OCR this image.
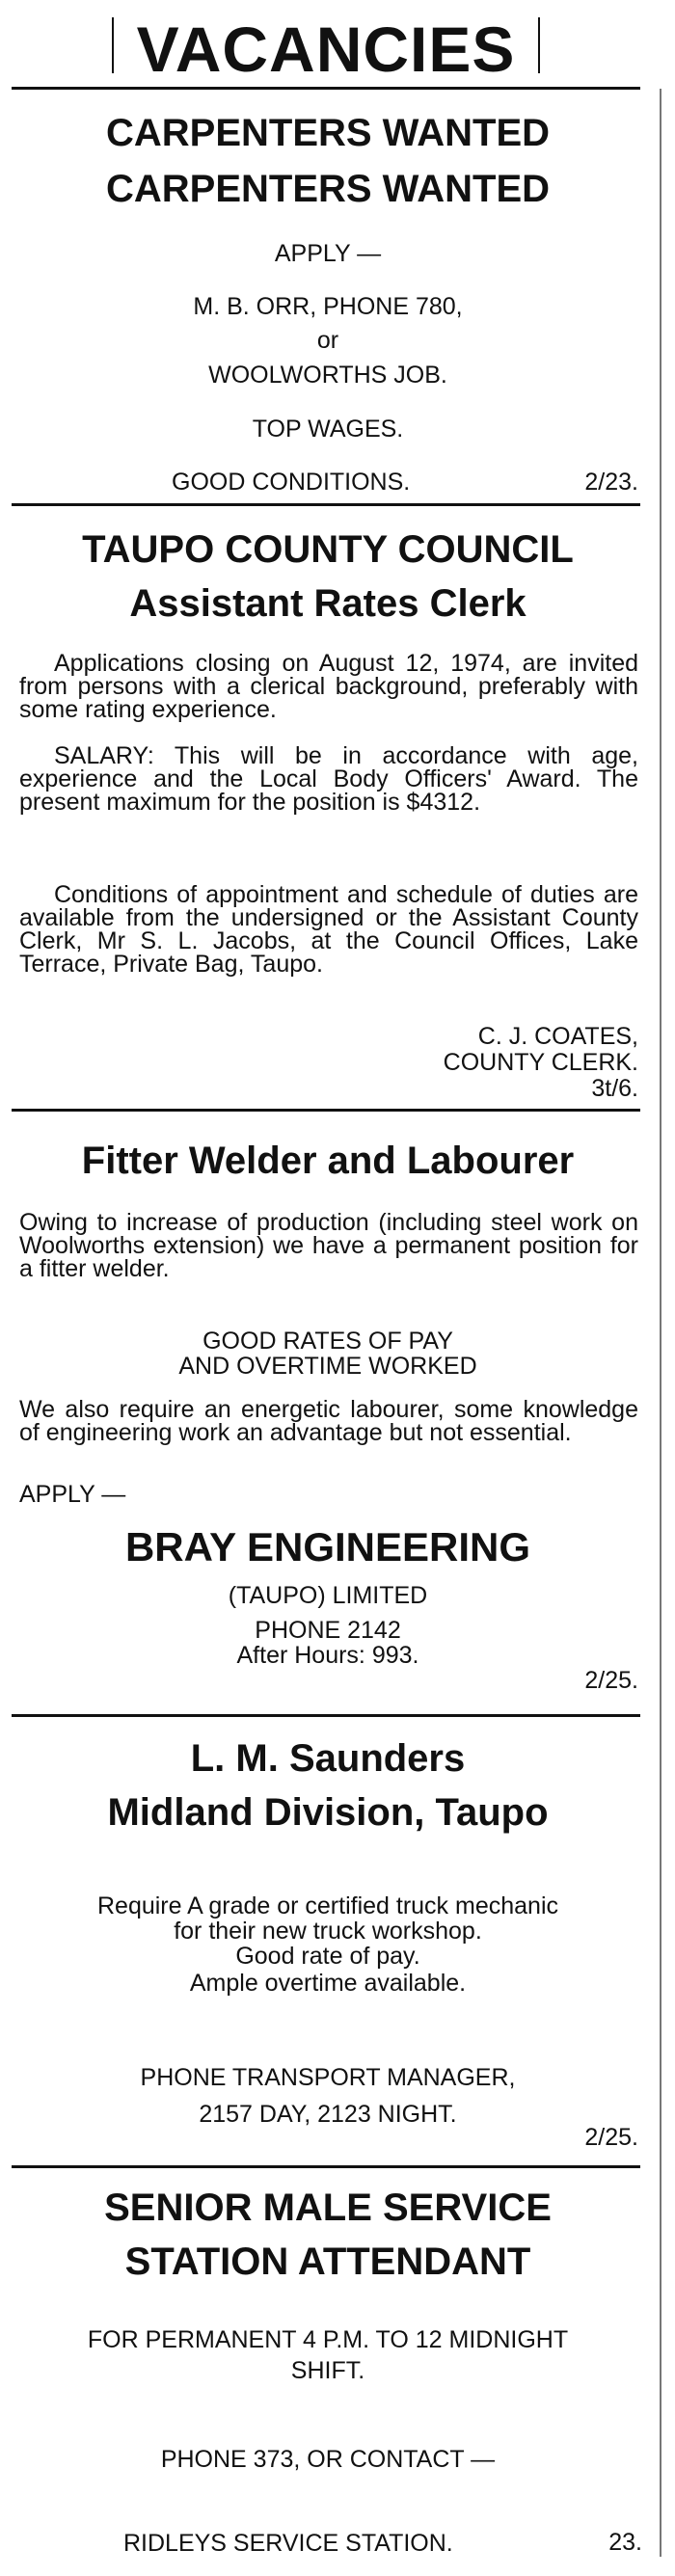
VACANCIES
CARPENTERS WANTED
CARPENTERS WANTED
APPLY —
M. B. ORR, PHONE 780,
or
WOOLWORTHS JOB.
TOP WAGES.
GOOD CONDITIONS.	2/23.
TAUPO COUNTY COUNCIL
Assistant Rates Clerk
Applications closing on August 12, 1974, are invited from persons with a clerical background, preferably with some rating experience.
SALARY: This will be in accordance with age, experience and the Local Body Officers' Award. The present maximum for the position is $4312.
Conditions of appointment and schedule of duties are available from the undersigned or the Assistant County Clerk, Mr S. L. Jacobs, at the Council Offices, Lake Terrace, Private Bag, Taupo.
C. J. COATES,
COUNTY CLERK.
3t/6.
Fitter Welder and Labourer
Owing to increase of production (including steel work on Woolworths extension) we have a permanent position for a fitter welder.
GOOD RATES OF PAY
AND OVERTIME WORKED
We also require an energetic labourer, some knowledge of engineering work an advantage but not essential.
APPLY —
BRAY ENGINEERING
(TAUPO) LIMITED
PHONE 2142
After Hours: 993.
2/25.
L. M. Saunders
Midland Division, Taupo
Require A grade or certified truck mechanic
for their new truck workshop.
Good rate of pay.
Ample overtime available.
PHONE TRANSPORT MANAGER,
2157 DAY, 2123 NIGHT.
2/25.
SENIOR MALE SERVICE
STATION ATTENDANT
FOR PERMANENT 4 P.M. TO 12 MIDNIGHT
SHIFT.
PHONE 373, OR CONTACT —
RIDLEYS SERVICE STATION.	23.
